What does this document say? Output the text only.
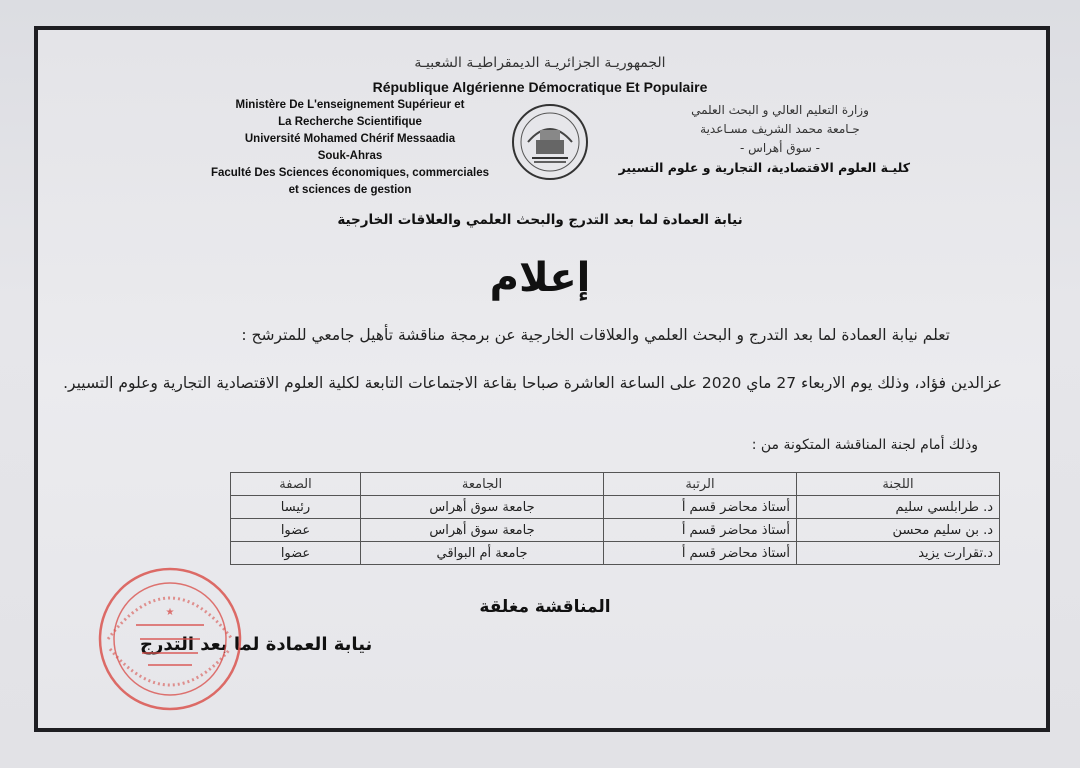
الجمهوريـة الجزائريـة الديمقراطيـة الشعبيـة
République Algérienne Démocratique Et Populaire
Ministère De L'enseignement Supérieur et
La Recherche Scientifique
Université Mohamed Chérif Messaadia
Souk-Ahras
Faculté Des Sciences économiques, commerciales
et sciences de gestion
وزارة التعليم العالي و البحث العلمي
جـامعة محمد الشريف مسـاعدية
- سوق أهراس -
كليـة العلوم الاقتصادية، التجارية و علوم التسيير
نيابة العمادة لما بعد التدرج والبحث العلمي والعلاقات الخارجية
إعلام
تعلم نيابة العمادة لما بعد التدرج و البحث العلمي والعلاقات الخارجية عن برمجة مناقشة تأهيل جامعي للمترشح :
عزالدين فؤاد، وذلك يوم الاربعاء 27 ماي 2020 على الساعة العاشرة صباحا بقاعة الاجتماعات التابعة لكلية العلوم الاقتصادية التجارية وعلوم التسيير.
وذلك أمام لجنة المناقشة المتكونة من :
اللجنة	الرتبة	الجامعة	الصفة
د. طرابلسي سليم	أستاذ محاضر قسم أ	جامعة سوق أهراس	رئيسا
د. بن سليم محسن	أستاذ محاضر قسم أ	جامعة سوق أهراس	عضوا
د.تقرارت يزيد	أستاذ محاضر قسم أ	جامعة أم البواقي	عضوا
المناقشة مغلقة
نيابة العمادة لما بعد التدرج
★
